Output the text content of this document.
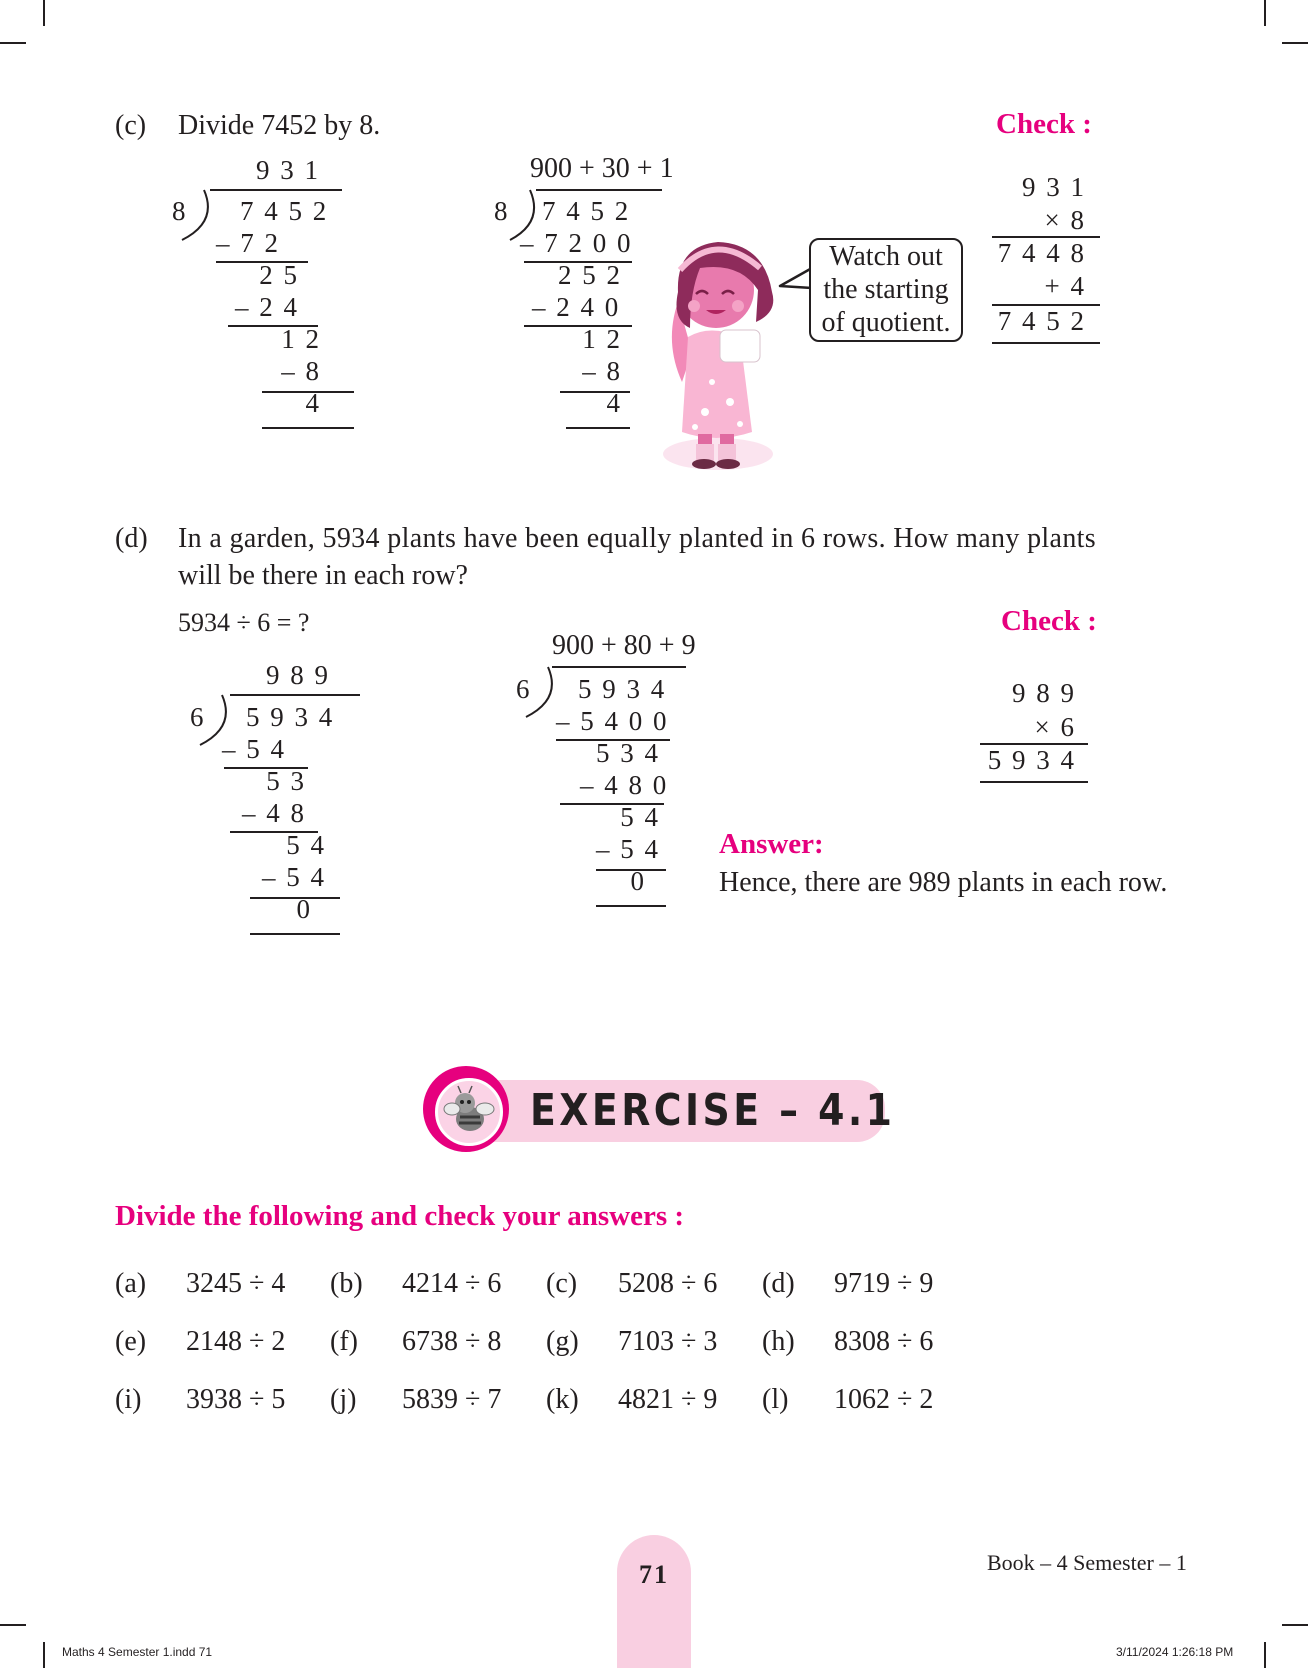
(c) Divide 7452 by 8.	Check :
9 3 1
8 7 4 5 2
– 7 2
2 5
– 2 4
1 2
– 8
4
900 + 30 + 1
8 7 4 5 2
– 7 2 0 0
2 5 2
– 2 4 0
1 2
– 8
4
Watch out
the starting
of quotient.
9 3 1
× 8
7 4 4 8
+ 4
7 4 5 2
(d) In a garden, 5934 plants have been equally planted in 6 rows. How many plants
will be there in each row?
5934 ÷ 6 = ?	Check :
9 8 9
6 5 9 3 4
– 5 4
5 3
– 4 8
5 4
– 5 4
0
900 + 80 + 9
6 5 9 3 4
– 5 4 0 0
5 3 4
– 4 8 0
5 4
– 5 4
0
9 8 9
× 6
5 9 3 4
Answer:
Hence, there are 989 plants in each row.
EXERCISE – 4.1
Divide the following and check your answers :
(a) 3245 ÷ 4 (b) 4214 ÷ 6 (c) 5208 ÷ 6 (d) 9719 ÷ 9
(e) 2148 ÷ 2 (f) 6738 ÷ 8 (g) 7103 ÷ 3 (h) 8308 ÷ 6
(i) 3938 ÷ 5 (j) 5839 ÷ 7 (k) 4821 ÷ 9 (l) 1062 ÷ 2
71	Book – 4 Semester – 1
Maths 4 Semester 1.indd 71	3/11/2024 1:26:18 PM
